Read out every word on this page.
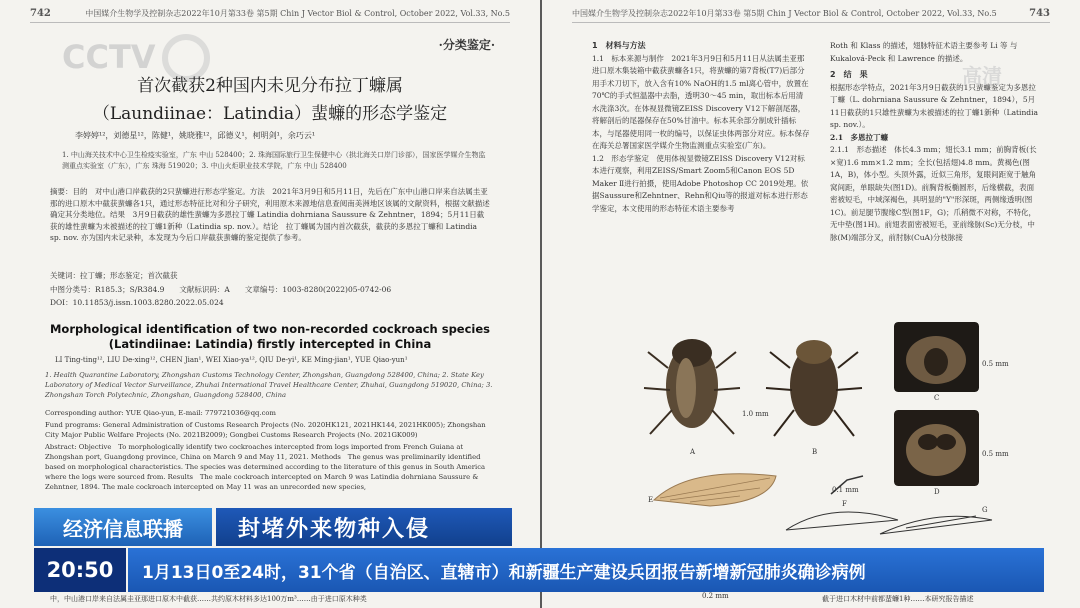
742	中国媒介生物学及控制杂志2022年10月第33卷 第5期 Chin J Vector Biol & Control, October 2022, Vol.33, No.5
·分类鉴定·
CCTV
首次截获2种国内未见分布拉丁蠊属
（Laundiinae：Latindia）蜚蠊的形态学鉴定
李婷婷¹²，刘德星¹²，陈健¹，姚晓雅¹²，邱德义¹，柯明剑¹，余巧云¹
1. 中山海关技术中心卫生检疫实验室，广东 中山 528400；2. 珠海国际旅行卫生保健中心（拱北海关口岸门诊部），国家医学媒介生物监测重点实验室（广东），广东 珠海 519020；3. 中山火炬职业技术学院，广东 中山 528400
摘要：目的　对中山港口岸截获的2只蜚蠊进行形态学鉴定。方法　2021年3月9日和5月11日，先后在广东中山港口岸来自法属圭亚那的进口原木中截获蜚蠊各1只，通过形态特征比对和分子研究，利用原木来源地信息查阅南美洲地区该属的文献资料，根据文献描述确定其分类地位。结果　3月9日截获的雄性蜚蠊为多恩拉丁蠊 Latindia dohrniana Saussure & Zehntner，1894；5月11日截获的雄性蜚蠊为未被描述的拉丁蠊1新种（Latindia sp. nov.）。结论　拉丁蠊属为国内首次截获，截获的多恩拉丁蠊和 Latindia sp. nov. 亦为国内未记录种，本发现为今后口岸截获蜚蠊的鉴定提供了参考。
关键词：拉丁蠊；形态鉴定；首次截获
中图分类号：R185.3；S/R384.9　　文献标识码：A　　文章编号：1003-8280(2022)05-0742-06
DOI：10.11853/j.issn.1003.8280.2022.05.024
Morphological identification of two non-recorded cockroach species
(Latindiinae: Latindia) firstly intercepted in China
LI Ting-ting¹², LIU De-xing¹², CHEN Jian¹, WEI Xiao-ya¹², QIU De-yi¹, KE Ming-jian¹, YUE Qiao-yun¹
1. Health Quarantine Laboratory, Zhongshan Customs Technology Center, Zhongshan, Guangdong 528400, China; 2. State Key Laboratory of Medical Vector Surveillance, Zhuhai International Travel Healthcare Center, Zhuhai, Guangdong 519020, China; 3. Zhongshan Torch Polytechnic, Zhongshan, Guangdong 528400, China
Corresponding author: YUE Qiao-yun, E-mail: 779721036@qq.com
Fund programs: General Administration of Customs Research Projects (No. 2020HK121, 2021HK144, 2021HK005); Zhongshan City Major Public Welfare Projects (No. 2021B2009); Gongbei Customs Research Projects (No. 2021GK009)
Abstract: Objective　To morphologically identify two cockroaches intercepted from logs imported from French Guiana at Zhongshan port, Guangdong province, China on March 9 and May 11, 2021. Methods　The genus was preliminarily identified based on morphological characteristics. The species was determined according to the literature of this genus in South America where the logs were sourced from. Results　The male cockroach intercepted on March 9 was Latindia dohrniana Saussure & Zehntner, 1894. The male cockroach intercepted on May 11 was an unrecorded new species,
中，中山港口岸来自法属圭亚那进口原木中截获……共约原木材料多达100万m³……由于进口原木种类
中国媒介生物学及控制杂志2022年10月第33卷 第5期 Chin J Vector Biol & Control, October 2022, Vol.33, No.5	743
1　材料与方法
1.1　标本来源与制作　2021年3月9日和5月11日从法属圭亚那进口原木集装箱中截获蜚蠊各1只，将蜚蠊的第7背板(T7)后部分用手术刀切下，放入含有10% NaOH的1.5 ml离心管中，放置在70℃的手式恒温器中去脂，透明30～45 min，取出标本后用清水洗涤3次。在体视显微镜ZEISS Discovery V12下解剖尾器，将解剖后的尾器保存在50%甘油中。标本其余部分制成针插标本，与尾器使用同一枚的编号，以保证虫体两部分对应。标本保存在海关总署国家医学媒介生物监测重点实验室(广东)。
1.2　形态学鉴定　使用体视显微镜ZEISS Discovery V12对标本进行观察，利用ZEISS/Smart Zoom5和Canon EOS 5D Maker Ⅱ进行拍摄，使用Adobe Photoshop CC 2019处理。依据Saussure和Zehntner、Rehn和Qiu等的报道对标本进行形态学鉴定，本文使用的形态特征术语主要参考
Roth 和 Klass 的描述，翅脉特征术语主要参考 Li 等 与 Kukalová-Peck 和 Lawrence 的描述。
2　结　果
根据形态学特点，2021年3月9日截获的1只蜚蠊鉴定为多恩拉丁蠊（L. dohrniana Saussure & Zehntner，1894），5月11日截获的1只雄性蜚蠊为未被描述的拉丁蠊1新种（Latindia sp. nov.）。
2.1　多恩拉丁蠊
2.1.1　形态描述　体长4.3 mm；翅长3.1 mm；前胸背板(长×宽)1.6 mm×1.2 mm；全长(包括翅)4.8 mm。黄褐色(图1A，B)，体小型。头顶外露，近似三角形，复眼间距宽于触角窝间距，单眼缺失(图1D)。前胸背板椭圆形，后缘横截，表面密被短毛，中域深褐色，具明显的"Y"形深斑，两侧缘透明(图1C)。前足腿节腹缘C型(图1F，G)；爪稍微不对称，不特化，无中垫(图1H)。前翅表面密被短毛，亚前缘脉(Sc)无分枝，中脉(M)端部分叉，前肘脉(CuA)分枝脉接
A	B
C
D
E	F
G
1.0 mm
0.1 mm
0.5 mm
0.5 mm
0.2 mm	截于进口木材中前都蜚蠊1种……本研究报告描述
高清
经济信息联播	封堵外来物种入侵
20:50	1月13日0至24时，31个省（自治区、直辖市）和新疆生产建设兵团报告新增新冠肺炎确诊病例
